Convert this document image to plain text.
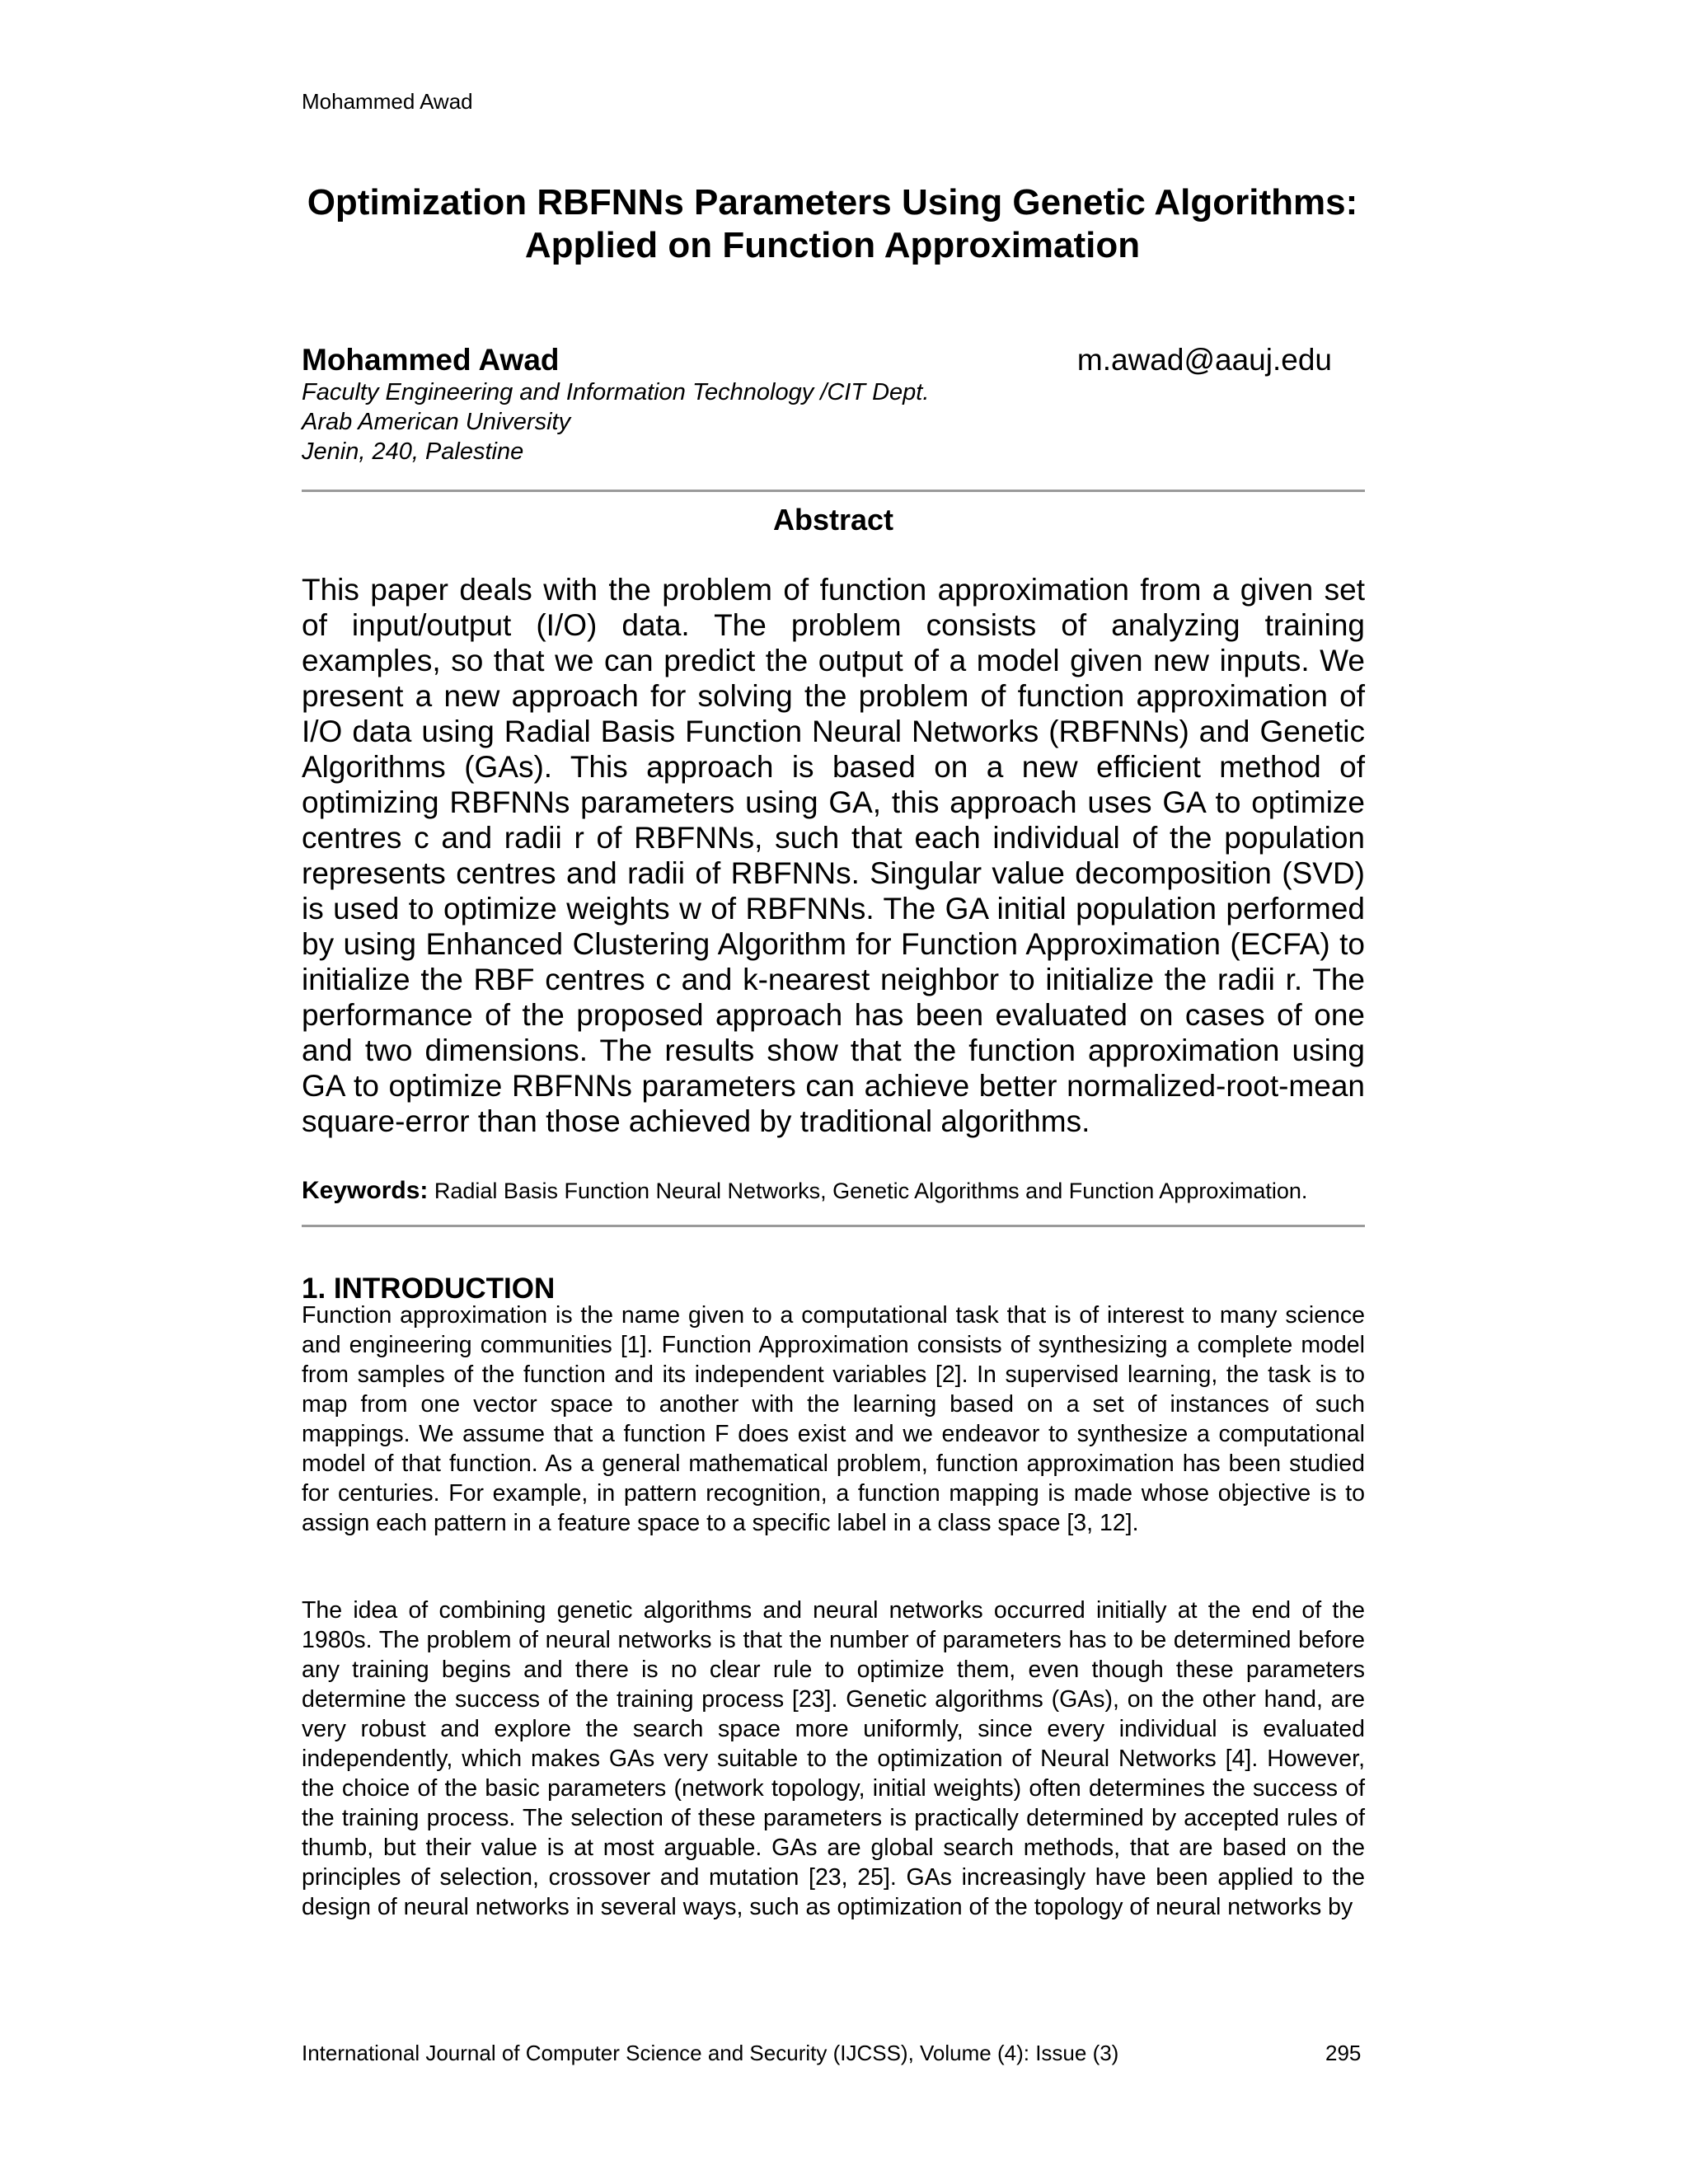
Mohammed Awad
Optimization RBFNNs Parameters Using Genetic Algorithms:
Applied on Function Approximation
Mohammed Awad	m.awad@aauj.edu
Faculty Engineering and Information Technology /CIT Dept.
Arab American University
Jenin, 240, Palestine
Abstract

This paper deals with the problem of function approximation from a given set of input/output (I/O) data. The problem consists of analyzing training examples, so that we can predict the output of a model given new inputs. We present a new approach for solving the problem of function approximation of I/O data using Radial Basis Function Neural Networks (RBFNNs) and Genetic Algorithms (GAs). This approach is based on a new efficient method of optimizing RBFNNs parameters using GA, this approach uses GA to optimize centres c and radii r of RBFNNs, such that each individual of the population represents centres and radii of RBFNNs. Singular value decomposition (SVD) is used to optimize weights w of RBFNNs. The GA initial population performed by using Enhanced Clustering Algorithm for Function Approximation (ECFA) to initialize the RBF centres c and k-nearest neighbor to initialize the radii r. The performance of the proposed approach has been evaluated on cases of one and two dimensions. The results show that the function approximation using GA to optimize RBFNNs parameters can achieve better normalized-root-mean square-error than those achieved by traditional algorithms.

Keywords: Radial Basis Function Neural Networks, Genetic Algorithms and Function Approximation.
1. INTRODUCTION

Function approximation is the name given to a computational task that is of interest to many science and engineering communities [1]. Function Approximation consists of synthesizing a complete model from samples of the function and its independent variables [2]. In supervised learning, the task is to map from one vector space to another with the learning based on a set of instances of such mappings. We assume that a function F does exist and we endeavor to synthesize a computational model of that function. As a general mathematical problem, function approximation has been studied for centuries. For example, in pattern recognition, a function mapping is made whose objective is to assign each pattern in a feature space to a specific label in a class space [3, 12].

The idea of combining genetic algorithms and neural networks occurred initially at the end of the 1980s. The problem of neural networks is that the number of parameters has to be determined before any training begins and there is no clear rule to optimize them, even though these parameters determine the success of the training process [23]. Genetic algorithms (GAs), on the other hand, are very robust and explore the search space more uniformly, since every individual is evaluated independently, which makes GAs very suitable to the optimization of Neural Networks [4]. However, the choice of the basic parameters (network topology, initial weights) often determines the success of the training process. The selection of these parameters is practically determined by accepted rules of thumb, but their value is at most arguable. GAs are global search methods, that are based on the principles of selection, crossover and mutation [23, 25]. GAs increasingly have been applied to the design of neural networks in several ways, such as optimization of the topology of neural networks by

International Journal of Computer Science and Security (IJCSS), Volume (4): Issue (3)	295
